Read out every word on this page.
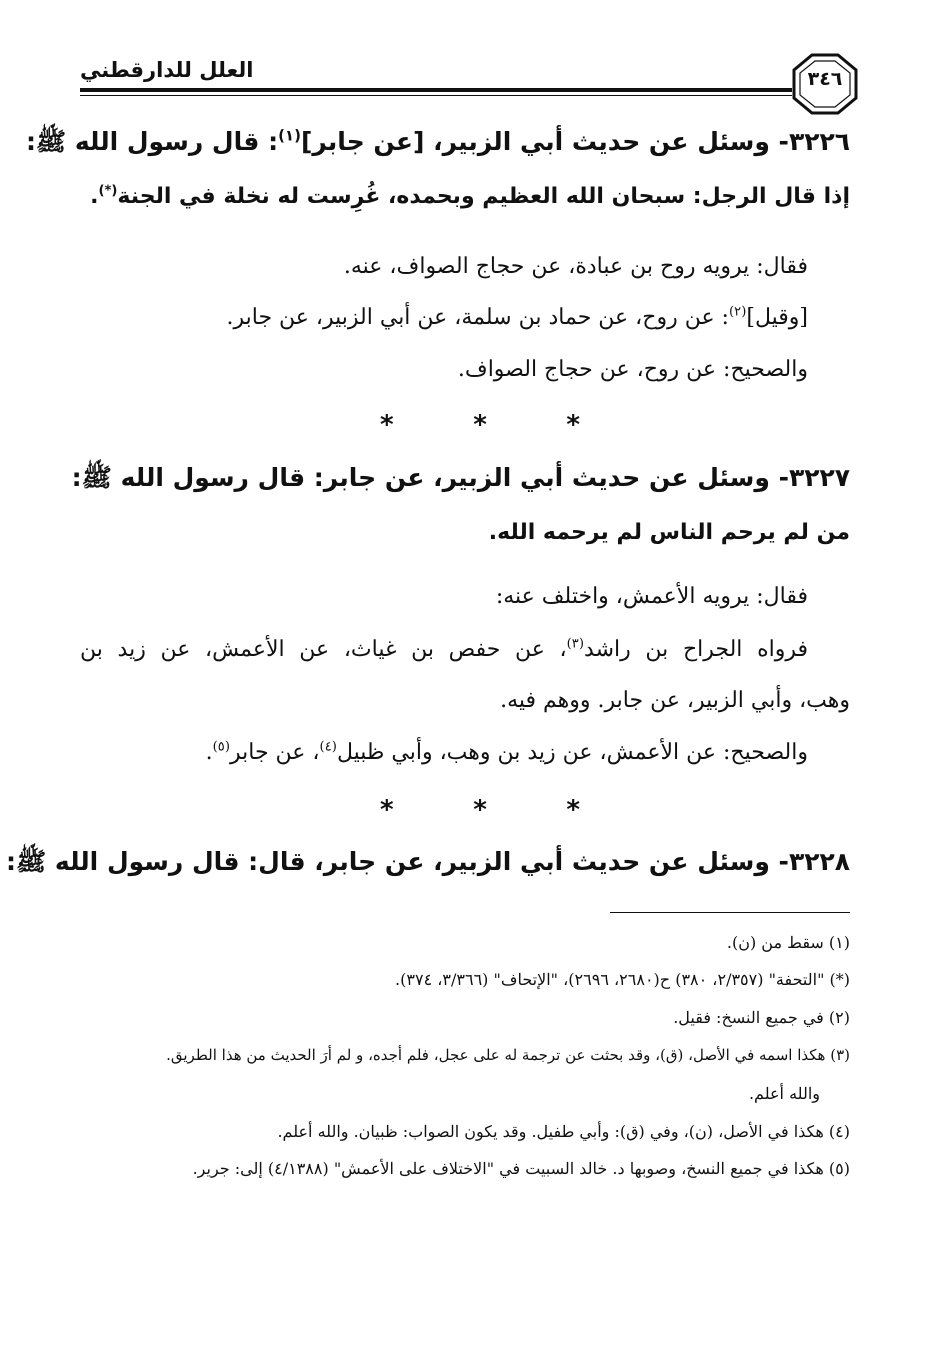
العلل للدارقطني	٣٤٦
٣٢٢٦- وسئل عن حديث أبي الزبير، [عن جابر]$^{(١)}$: قال رسول الله ﷺ:
إذا قال الرجل: سبحان الله العظيم وبحمده، غُرِست له نخلة في الجنة(*).
فقال: يرويه روح بن عبادة، عن حجاج الصواف، عنه.
[وقيل]$^{(٢)}$: عن روح، عن حماد بن سلمة، عن أبي الزبير، عن جابر.
والصحيح: عن روح، عن حجاج الصواف.
*	*	*
٣٢٢٧- وسئل عن حديث أبي الزبير، عن جابر: قال رسول الله ﷺ:
من لم يرحم الناس لم يرحمه الله.
فقال: يرويه الأعمش، واختلف عنه:
فرواه الجراح بن راشد$^{(٣)}$، عن حفص بن غياث، عن الأعمش، عن زيد بن
وهب، وأبي الزبير، عن جابر. ووهم فيه.
والصحيح: عن الأعمش، عن زيد بن وهب، وأبي ظبيل$^{(٤)}$، عن جابر$^{(٥)}$.
*	*	*
٣٢٢٨- وسئل عن حديث أبي الزبير، عن جابر، قال: قال رسول الله ﷺ:
(١) سقط من (ن).
(*) "التحفة" (٢/٣٥٧، ٣٨٠) ح(٢٦٨٠، ٢٦٩٦)، "الإتحاف" (٣/٣٦٦، ٣٧٤).
(٢) في جميع النسخ: فقيل.
(٣) هكذا اسمه في الأصل، (ق)، وقد بحثت عن ترجمة له على عجل، فلم أجده، و لم أرَ الحديث من هذا الطريق.
والله أعلم.
(٤) هكذا في الأصل، (ن)، وفي (ق): وأبي طفيل. وقد يكون الصواب: ظبيان. والله أعلم.
(٥) هكذا في جميع النسخ، وصوبها د. خالد السبيت في "الاختلاف على الأعمش" (٤/١٣٨٨) إلى: جرير.
